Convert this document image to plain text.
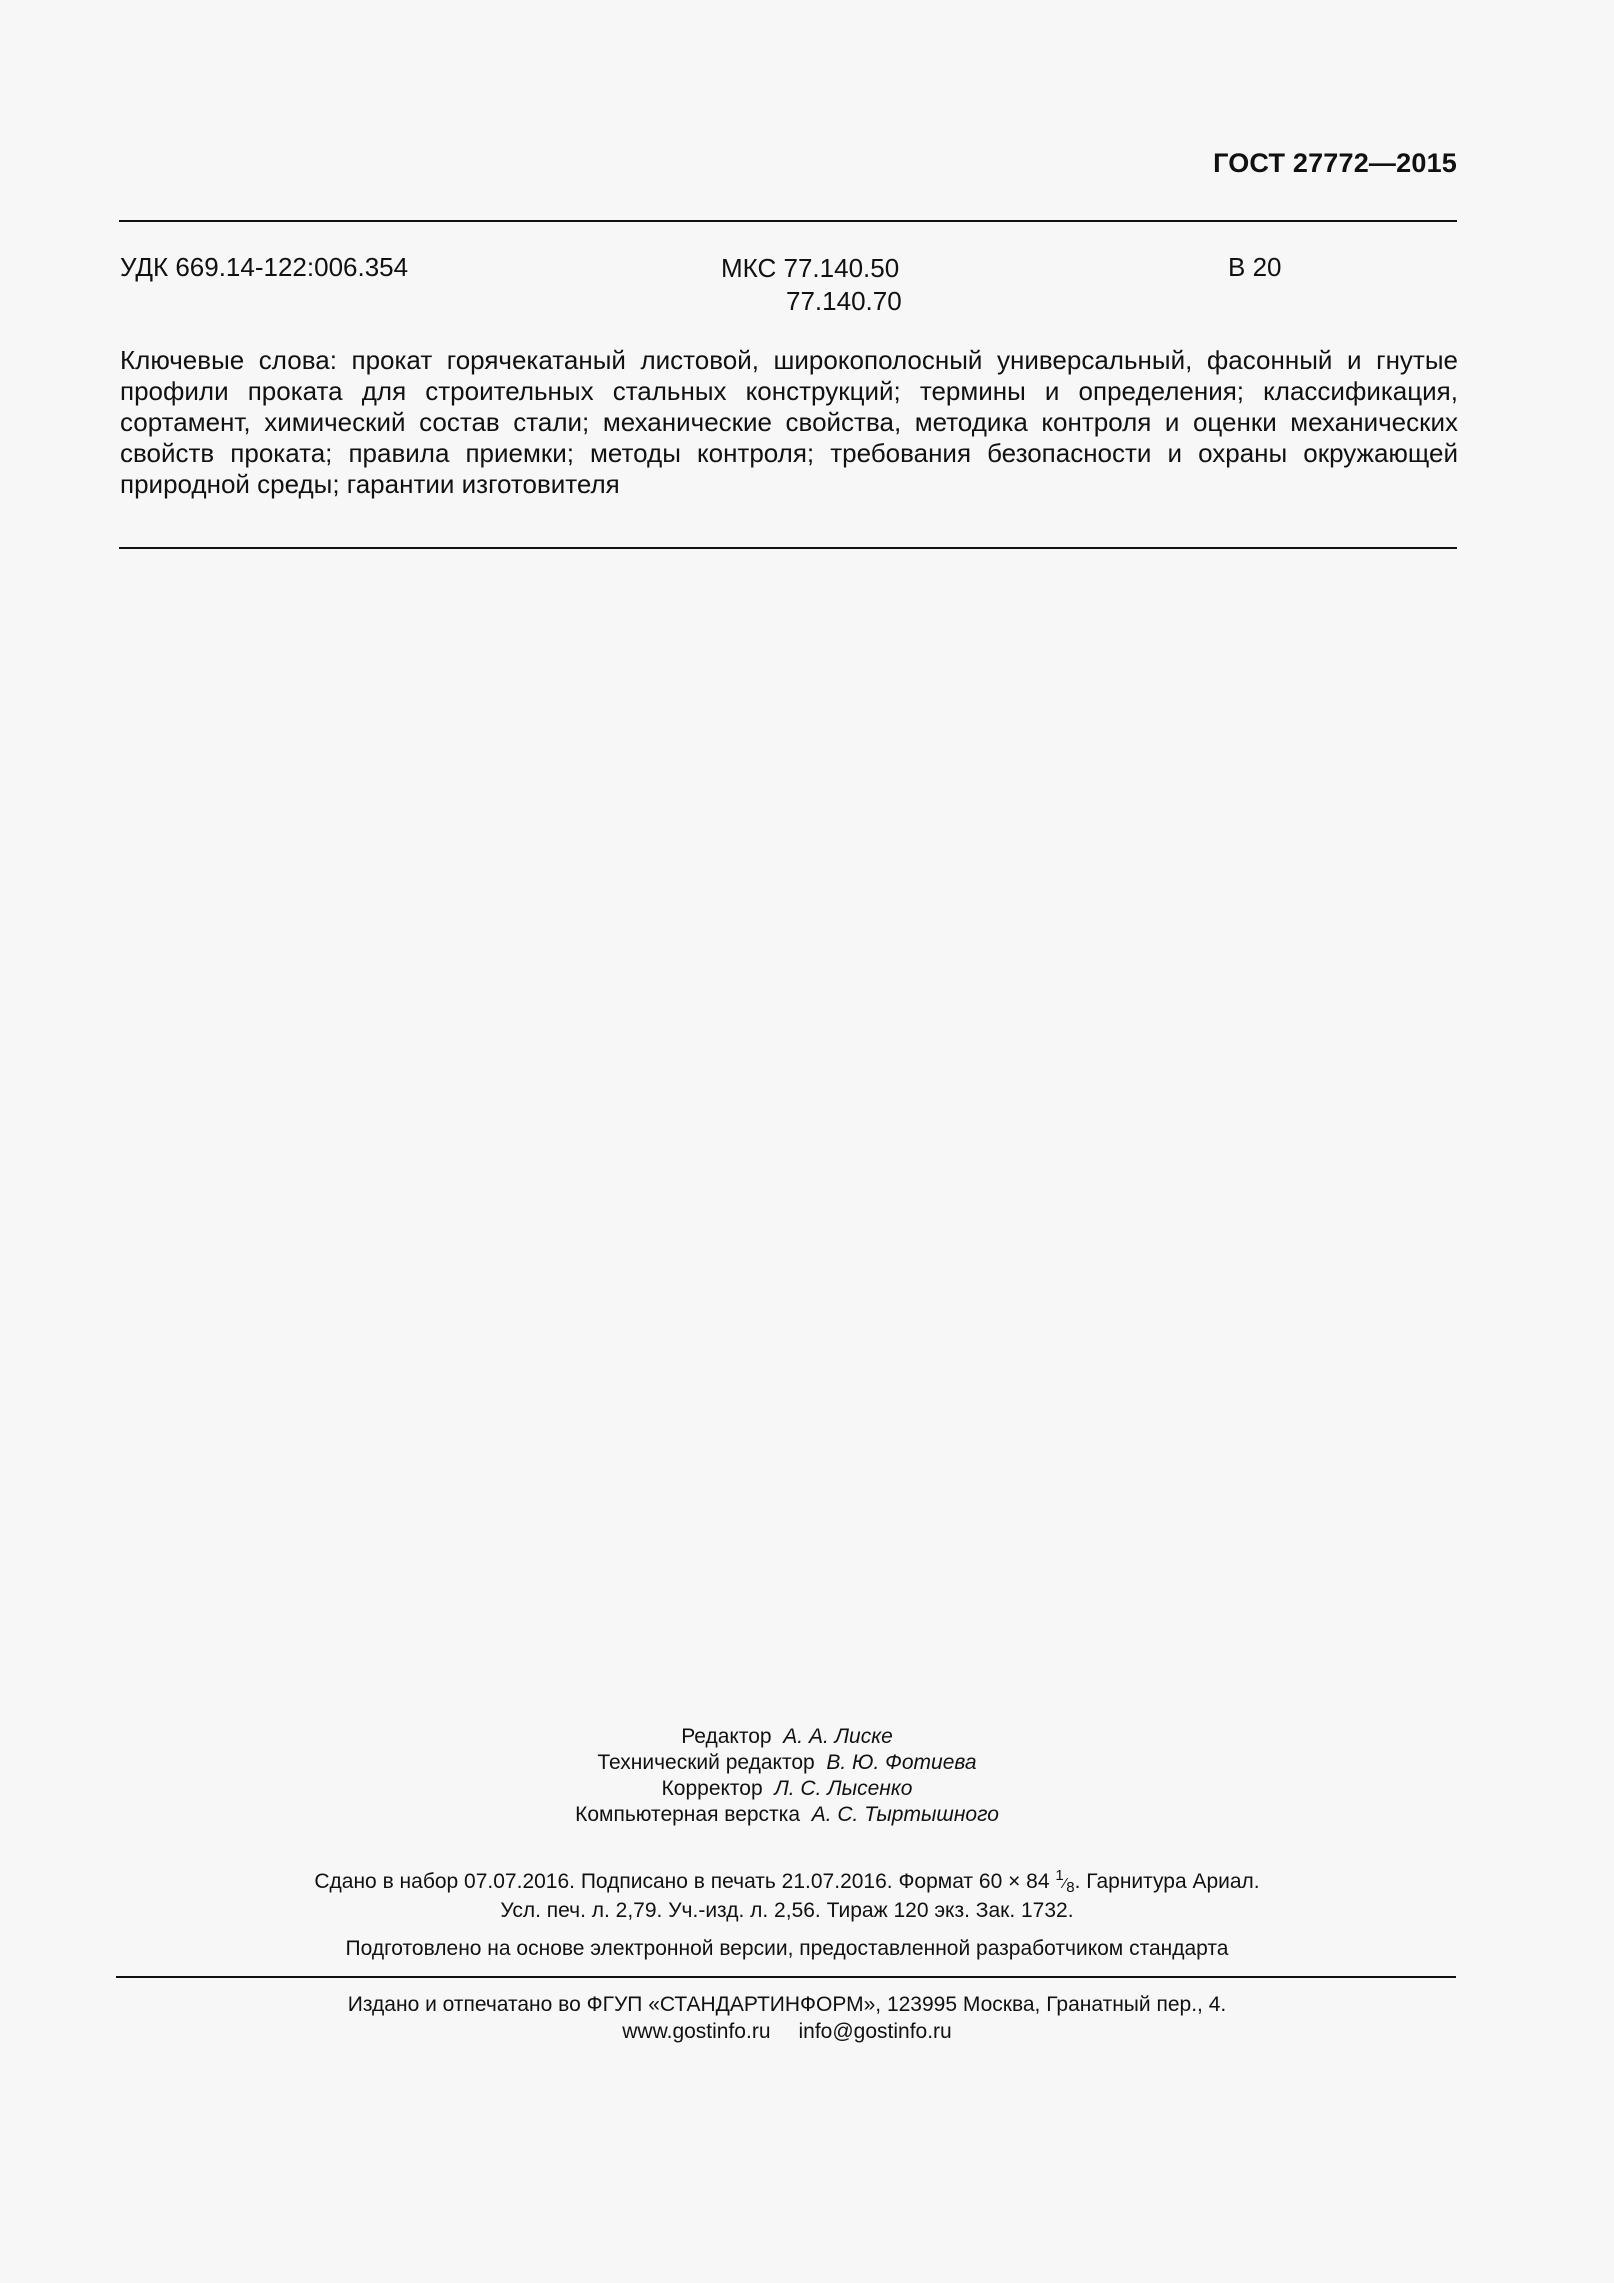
ГОСТ 27772—2015
УДК 669.14-122:006.354	МКС 77.140.50
77.140.70
В 20
Ключевые слова: прокат горячекатаный листовой, широкополосный универсальный, фасонный и гнутые
профили проката для строительных стальных конструкций; термины и определения; классификация,
сортамент, химический состав стали; механические свойства, методика контроля и оценки механических
свойств проката; правила приемки; методы контроля; требования безопасности и охраны окружающей
природной среды; гарантии изготовителя
Редактор А. А. Лиске
Технический редактор В. Ю. Фотиева
Корректор Л. С. Лысенко
Компьютерная верстка А. С. Тыртышного
Сдано в набор 07.07.2016. Подписано в печать 21.07.2016. Формат 60 × 84 1⁄8. Гарнитура Ариал.
Усл. печ. л. 2,79. Уч.-изд. л. 2,56. Тираж 120 экз. Зак. 1732.
Подготовлено на основе электронной версии, предоставленной разработчиком стандарта
Издано и отпечатано во ФГУП «СТАНДАРТИНФОРМ», 123995 Москва, Гранатный пер., 4.
www.gostinfo.ru info@gostinfo.ru
